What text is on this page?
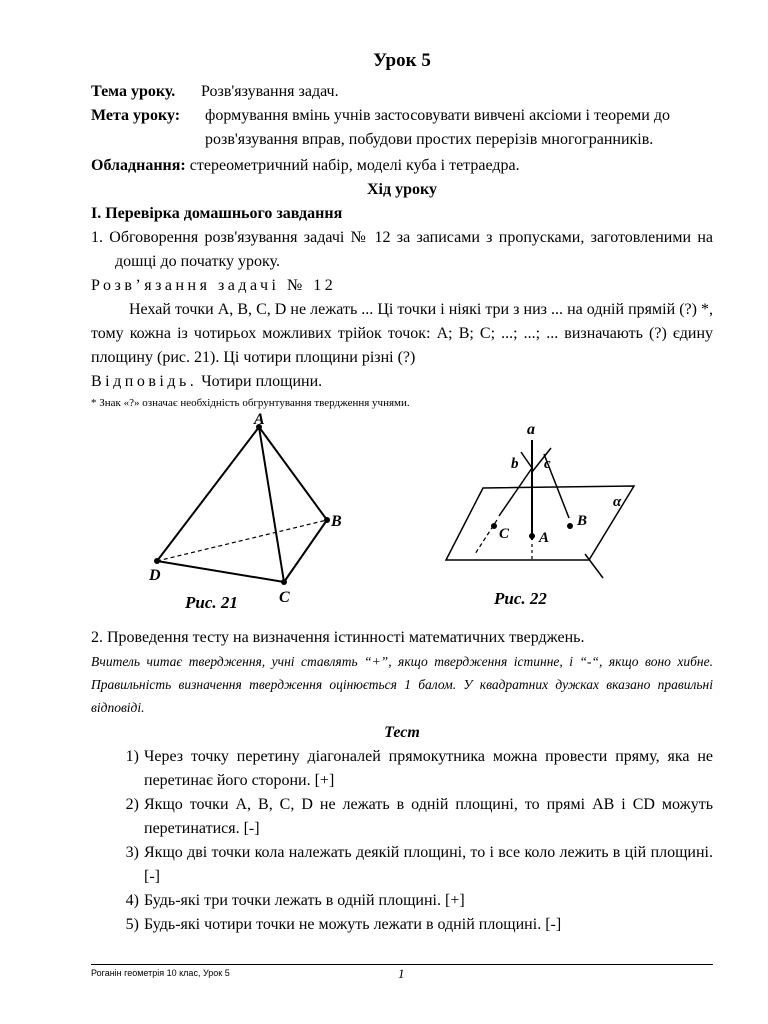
Урок 5
Тема уроку.	Розв'язування задач.
Мета уроку:	формування вмінь учнів застосовувати вивчені аксіоми і теореми до розв'язування вправ, побудови простих перерізів многогранників.
Обладнання: стереометричний набір, моделі куба і тетраедра.
Хід уроку

І. Перевірка домашнього завдання

1. Обговорення розв'язування задачі № 12 за записами з пропусками, заготовленими на дошці до початку уроку.

Розв’язання задачі № 12

Нехай точки А, В, С, D не лежать ... Ці точки і ніякі три з низ ... на одній прямій (?) *, тому кожна із чотирьох можливих трійок точок: А; В; С; ...; ...; ... визначають (?) єдину площину (рис. 21). Ці чотири площини різні (?)

Відповідь. Чотири площини.

* Знак «?» означає необхідність обгрунтування твердження учнями.
A
B
C
D
Рис. 21
a
b c
α
B
C A
Рис. 22

2. Проведення тесту на визначення істинності математичних тверджень.

Вчитель читає твердження, учні ставлять “+”, якщо твердження істинне, і “-“, якщо воно хибне. Правильність визначення твердження оцінюється 1 балом. У квадратних дужках вказано правильні відповіді.
Тест
1) Через точку перетину діагоналей прямокутника можна провести пряму, яка не перетинає його сторони. [+]
2) Якщо точки А, В, С, D не лежать в одній площині, то прямі АВ і CD можуть перетинатися. [-]
3) Якщо дві точки кола належать деякій площині, то і все коло лежить в цій площині. [-]
4) Будь-які три точки лежать в одній площині. [+]
5) Будь-які чотири точки не можуть лежати в одній площині. [-]
Роганін геометрія 10 клас, Урок 5	1
